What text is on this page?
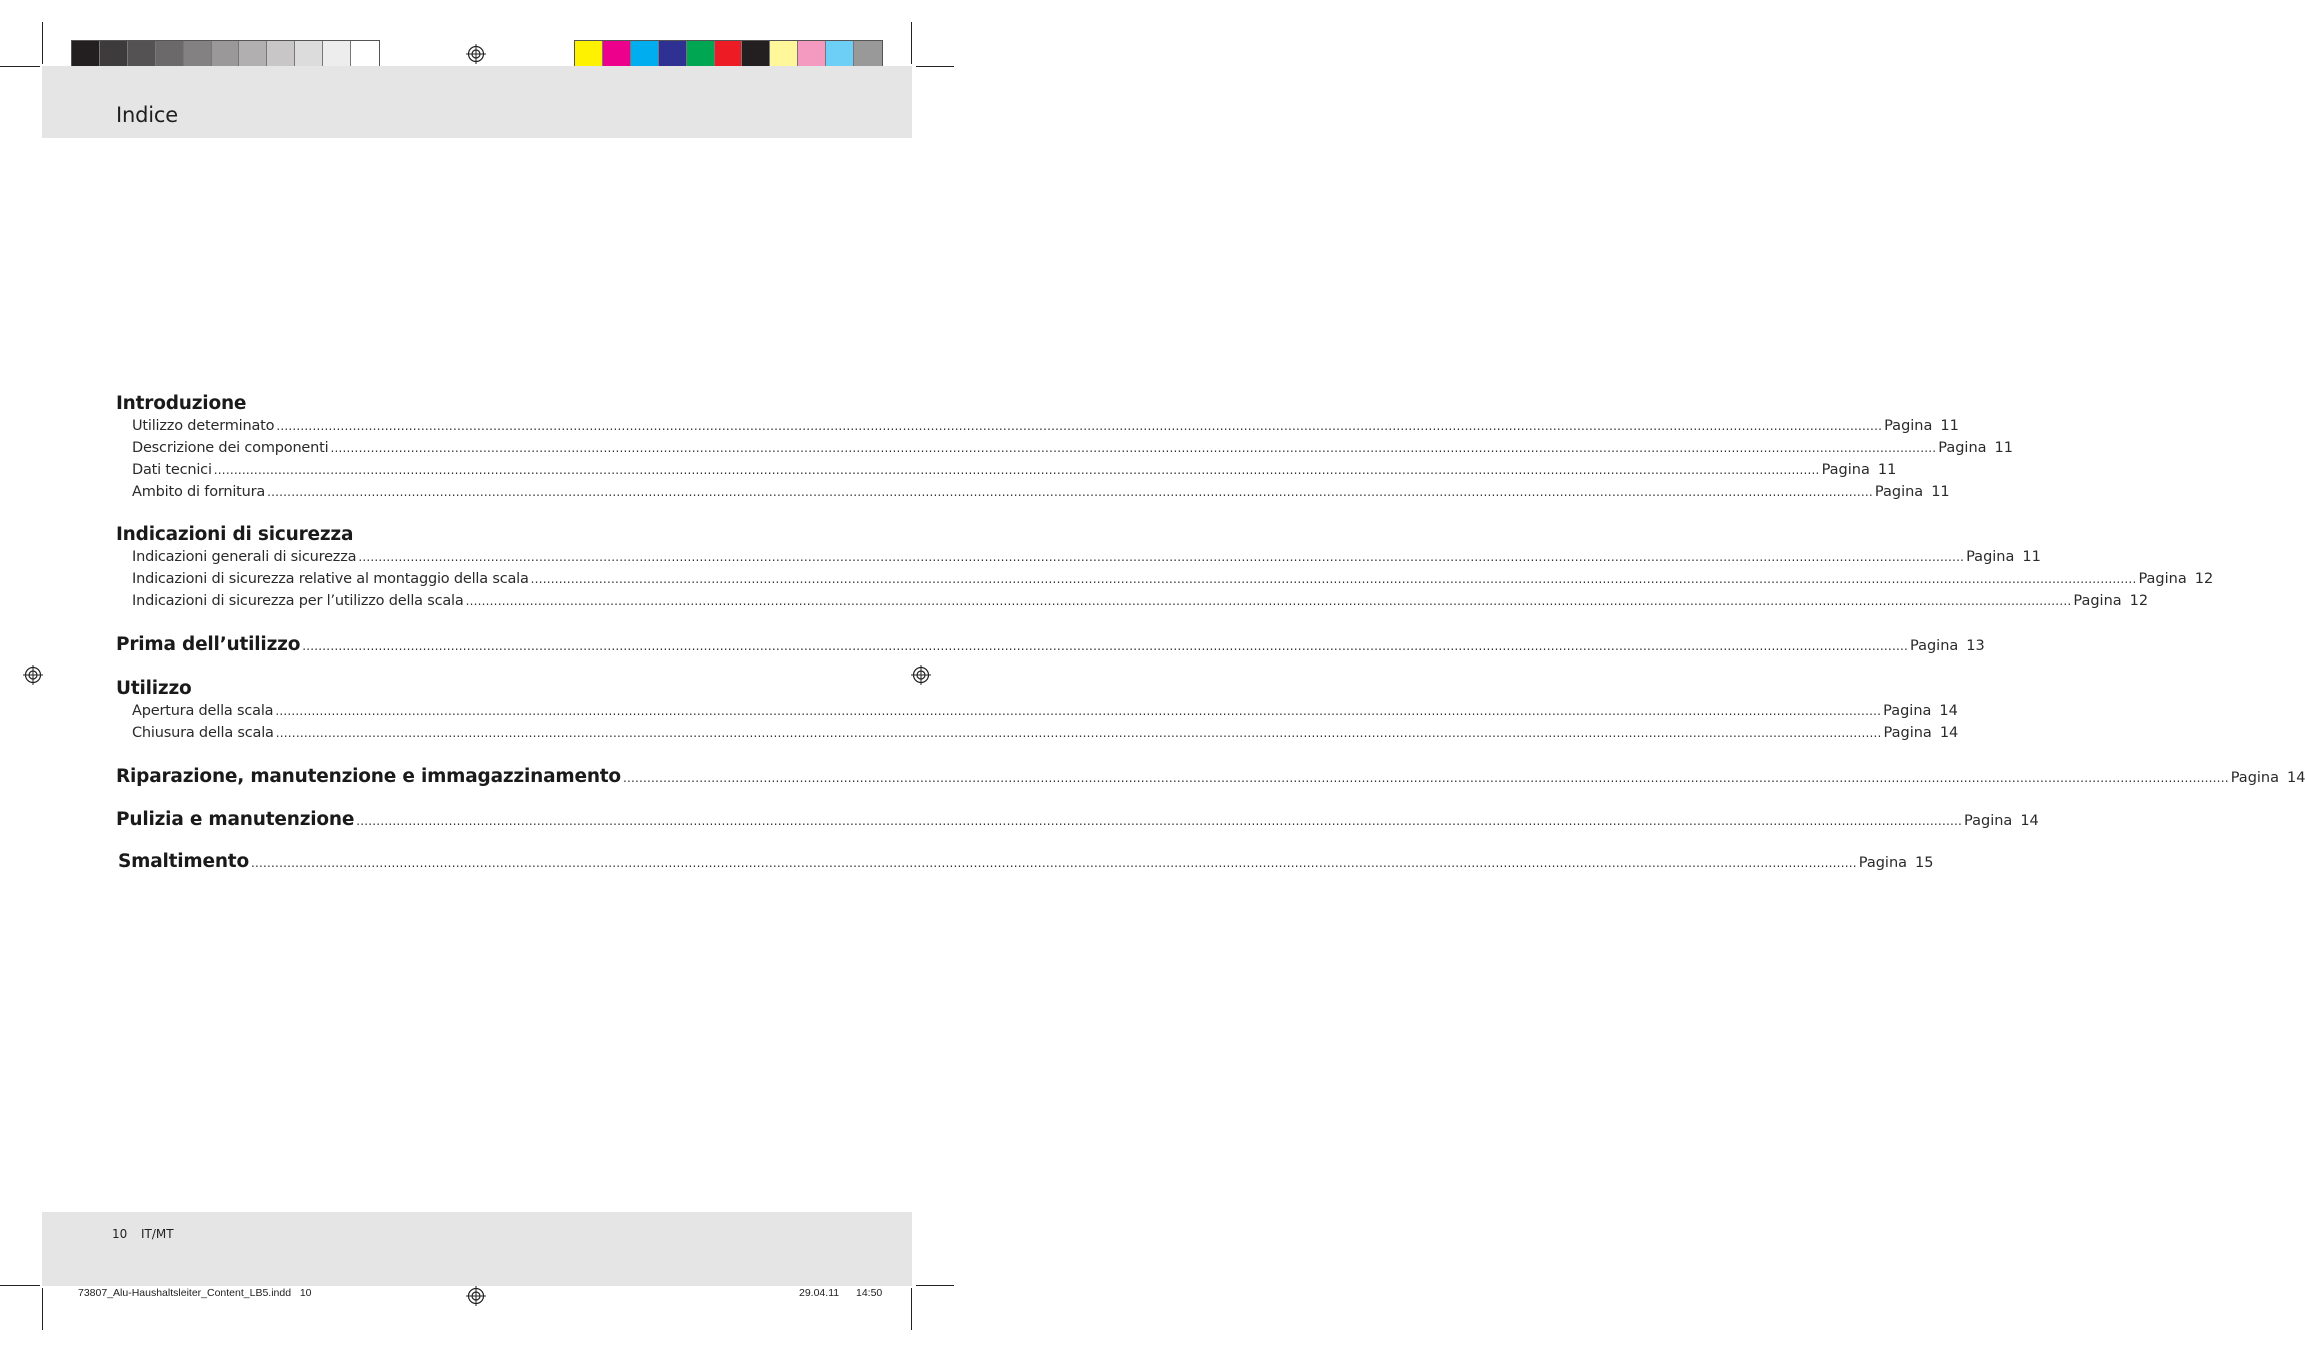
Indice
Introduzione
Utilizzo determinato ................................................................................................................................................................................................................................................................................................................................................................................................................ Pagina 11
Descrizione dei componenti ................................................................................................................................................................................................................................................................................................................................................................................................................ Pagina 11
Dati tecnici ................................................................................................................................................................................................................................................................................................................................................................................................................ Pagina 11
Ambito di fornitura ................................................................................................................................................................................................................................................................................................................................................................................................................ Pagina 11
Indicazioni di sicurezza
Indicazioni generali di sicurezza ................................................................................................................................................................................................................................................................................................................................................................................................................ Pagina 11
Indicazioni di sicurezza relative al montaggio della scala ................................................................................................................................................................................................................................................................................................................................................................................................................ Pagina 12
Indicazioni di sicurezza per l’utilizzo della scala ................................................................................................................................................................................................................................................................................................................................................................................................................ Pagina 12
Prima dell’utilizzo ................................................................................................................................................................................................................................................................................................................................................................................................................ Pagina 13
Utilizzo
Apertura della scala ................................................................................................................................................................................................................................................................................................................................................................................................................ Pagina 14
Chiusura della scala ................................................................................................................................................................................................................................................................................................................................................................................................................ Pagina 14
Riparazione, manutenzione e immagazzinamento ................................................................................................................................................................................................................................................................................................................................................................................................................ Pagina 14
Pulizia e manutenzione ................................................................................................................................................................................................................................................................................................................................................................................................................ Pagina 14
Smaltimento ................................................................................................................................................................................................................................................................................................................................................................................................................ Pagina 15
10 IT/MT
73807_Alu-Haushaltsleiter_Content_LB5.indd   10	29.04.11 14:50
